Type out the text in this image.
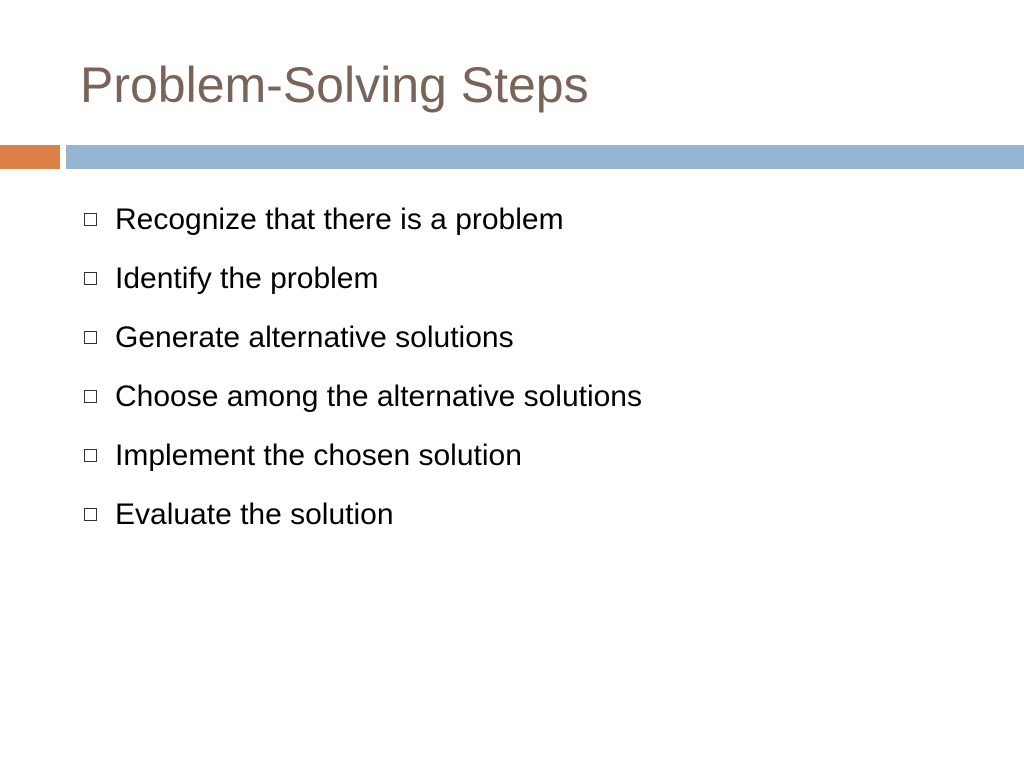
Problem-Solving Steps
Recognize that there is a problem
Identify the problem
Generate alternative solutions
Choose among the alternative solutions
Implement the chosen solution
Evaluate the solution
